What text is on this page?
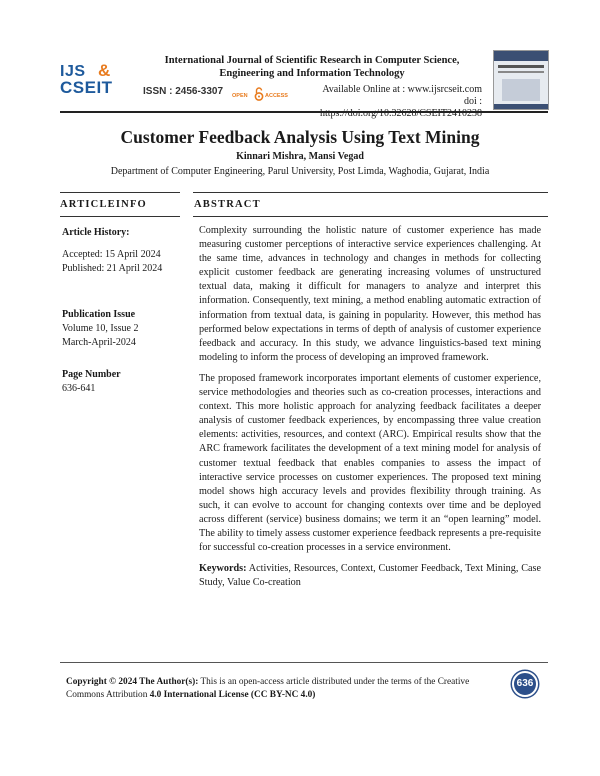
IJS &
CSEIT
International Journal of Scientific Research in Computer Science, Engineering and Information Technology
ISSN : 2456-3307 OPEN	ACCESS
Available Online at : www.ijsrcseit.com
doi : https://doi.org/10.32628/CSEIT2410238
Customer Feedback Analysis Using Text Mining
Kinnari Mishra, Mansi Vegad
Department of Computer Engineering, Parul University, Post Limda, Waghodia, Gujarat, India
ARTICLEINFO	ABSTRACT
Article History:
Accepted: 15 April 2024
Published: 21 April 2024
Publication Issue
Volume 10, Issue 2
March-April-2024
Page Number
636-641

Complexity surrounding the holistic nature of customer experience has made measuring customer perceptions of interactive service experiences challenging. At the same time, advances in technology and changes in methods for collecting explicit customer feedback are generating increasing volumes of unstructured textual data, making it difficult for managers to analyze and interpret this information. Consequently, text mining, a method enabling automatic extraction of information from textual data, is gaining in popularity. However, this method has performed below expectations in terms of depth of analysis of customer experience feedback and accuracy. In this study, we advance linguistics-based text mining modeling to inform the process of developing an improved framework.

The proposed framework incorporates important elements of customer experience, service methodologies and theories such as co-creation processes, interactions and context. This more holistic approach for analyzing feedback facilitates a deeper analysis of customer feedback experiences, by encompassing three value creation elements: activities, resources, and context (ARC). Empirical results show that the ARC framework facilitates the development of a text mining model for analysis of customer textual feedback that enables companies to assess the impact of interactive service processes on customer experiences. The proposed text mining model shows high accuracy levels and provides flexibility through training. As such, it can evolve to account for changing contexts over time and be deployed across different (service) business domains; we term it an “open learning” model. The ability to timely assess customer experience feedback represents a pre-requisite for successful co-creation processes in a service environment.

Keywords: Activities, Resources, Context, Customer Feedback, Text Mining, Case Study, Value Co-creation
Copyright © 2024 The Author(s): This is an open-access article distributed under the terms of the Creative Commons Attribution 4.0 International License (CC BY-NC 4.0)
636
